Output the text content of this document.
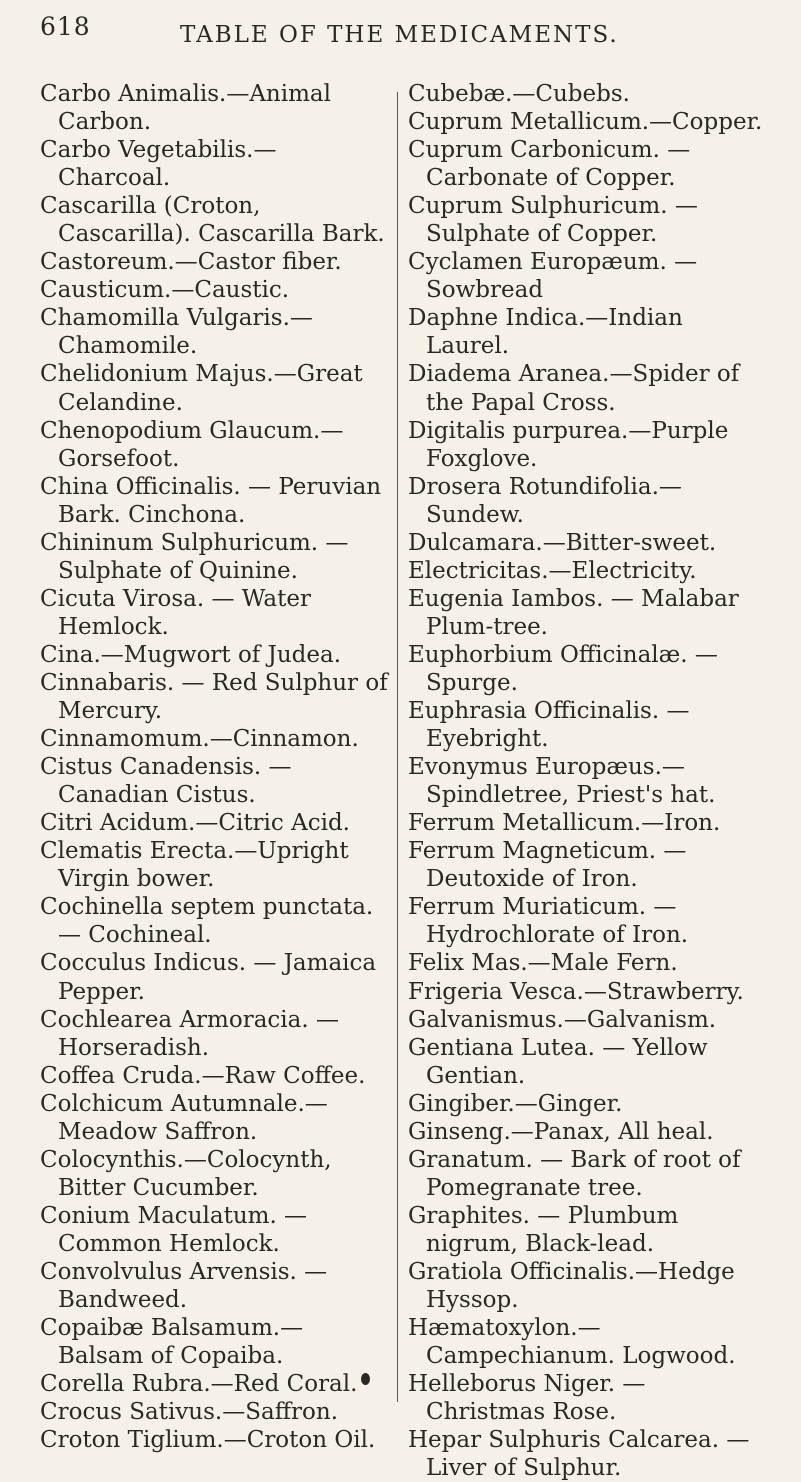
618	TABLE OF THE MEDICAMENTS.

Carbo Animalis.—Animal Carbon.

Carbo Vegetabilis.—Charcoal.

Cascarilla (Croton, Cascarilla). Cascarilla Bark.

Castoreum.—Castor fiber.

Causticum.—Caustic.

Chamomilla Vulgaris.—Chamomile.

Chelidonium Majus.—Great Celandine.

Chenopodium Glaucum.—Gorsefoot.

China Officinalis. — Peruvian Bark. Cinchona.

Chininum Sulphuricum. — Sulphate of Quinine.

Cicuta Virosa. — Water Hemlock.

Cina.—Mugwort of Judea.

Cinnabaris. — Red Sulphur of Mercury.

Cinnamomum.—Cinnamon.

Cistus Canadensis. — Canadian Cistus.

Citri Acidum.—Citric Acid.

Clematis Erecta.—Upright Virgin bower.

Cochinella septem punctata.— Cochineal.

Cocculus Indicus. — Jamaica Pepper.

Cochlearea Armoracia. —Horseradish.

Coffea Cruda.—Raw Coffee.

Colchicum Autumnale.—Meadow Saffron.

Colocynthis.—Colocynth, Bitter Cucumber.

Conium Maculatum. — Common Hemlock.

Convolvulus Arvensis. — Bandweed.

Copaibæ Balsamum.—Balsam of Copaiba.

Corella Rubra.—Red Coral.

Crocus Sativus.—Saffron.

Croton Tiglium.—Croton Oil.

Cubebæ.—Cubebs.

Cuprum Metallicum.—Copper.

Cuprum Carbonicum. — Carbonate of Copper.

Cuprum Sulphuricum. — Sulphate of Copper.

Cyclamen Europæum. — Sowbread

Daphne Indica.—Indian Laurel.

Diadema Aranea.—Spider of the Papal Cross.

Digitalis purpurea.—Purple Foxglove.

Drosera Rotundifolia.—Sundew.

Dulcamara.—Bitter-sweet.

Electricitas.—Electricity.

Eugenia Iambos. — Malabar Plum-tree.

Euphorbium Officinalæ. — Spurge.

Euphrasia Officinalis. — Eyebright.

Evonymus Europæus.— Spindletree, Priest's hat.

Ferrum Metallicum.—Iron.

Ferrum Magneticum. — Deutoxide of Iron.

Ferrum Muriaticum. — Hydrochlorate of Iron.

Felix Mas.—Male Fern.

Frigeria Vesca.—Strawberry.

Galvanismus.—Galvanism.

Gentiana Lutea. — Yellow Gentian.

Gingiber.—Ginger.

Ginseng.—Panax, All heal.

Granatum. — Bark of root of Pomegranate tree.

Graphites. — Plumbum nigrum, Black-lead.

Gratiola Officinalis.—Hedge Hyssop.

Hæmatoxylon.—Campechianum. Logwood.

Helleborus Niger. — Christmas Rose.

Hepar Sulphuris Calcarea. — Liver of Sulphur.
